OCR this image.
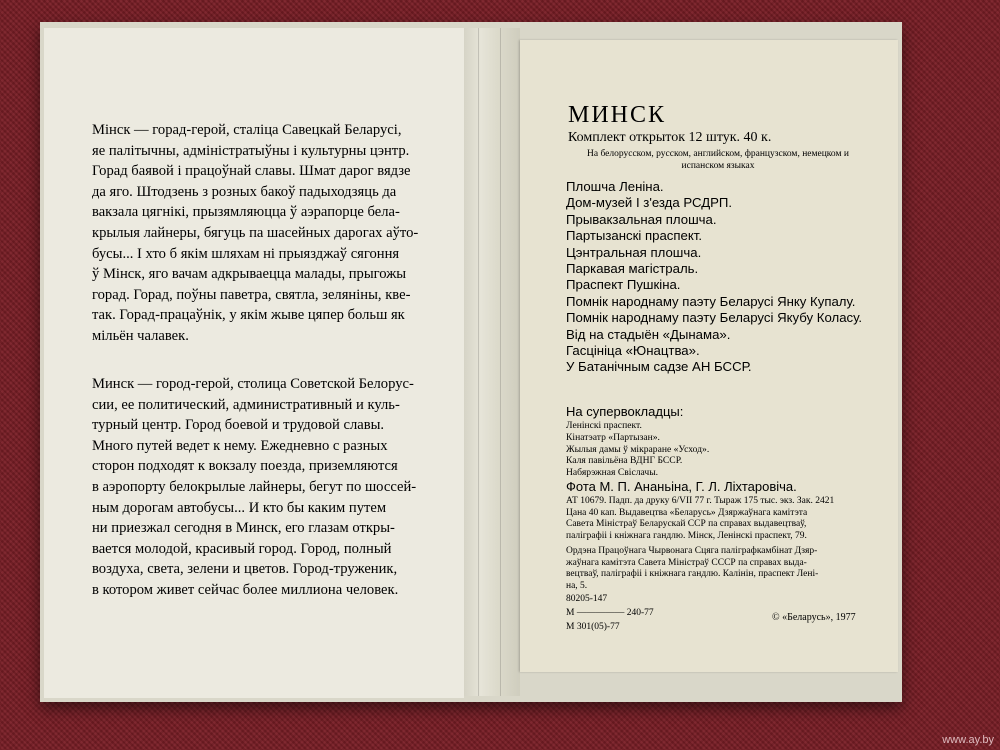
Мінск — горад-герой, сталіца Савецкай Беларусі,
яе палітычны, адміністратыўны і культурны цэнтр.
Горад баявой і працоўнай славы. Шмат дарог вядзе
да яго. Штодзень з розных бакоў падыходзяць да
вакзала цягнікі, прызямляюцца ў аэрапорце белa-
крылыя лайнеры, бягуць па шасейных дарогах аўто-
бусы... І хто б якім шляхам ні прыязджаў сягоння
ў Мінск, яго вачам адкрываецца малады, прыгожы
горад. Горад, поўны паветра, святла, зеляніны, кве-
так. Горад-працаўнік, у якім жыве цяпер больш як
мільён чалавек.
Минск — город-герой, столица Советской Белорус-
сии, ее политический, административный и куль-
турный центр. Город боевой и трудовой славы.
Много путей ведет к нему. Ежедневно с разных
сторон подходят к вокзалу поезда, приземляются
в аэропорту белокрылые лайнеры, бегут по шоссей-
ным дорогам автобусы... И кто бы каким путем
ни приезжал сегодня в Минск, его глазам откры-
вается молодой, красивый город. Город, полный
воздуха, света, зелени и цветов. Город-труженик,
в котором живет сейчас более миллиона человек.
МИНСК
Комплект открыток 12 штук. 40 к.
На белорусском, русском, английском, французском, немецком и испанском языках
Плошча Леніна.
Дом-музей І з'езда РСДРП.
Прывакзальная плошча.
Партызанскі праспект.
Цэнтральная плошча.
Паркавая магістраль.
Праспект Пушкіна.
Помнік народнаму паэту Беларусі Янку Купалу.
Помнік народнаму паэту Беларусі Якубу Коласу.
Від на стадыён «Дынама».
Гасцініца «Юнацтва».
У Батанічным садзе АН БССР.
На супервокладцы:
Ленінскі праспект.
Кінатэатр «Партызан».
Жылыя дамы ў мікраране «Усход».
Каля павільёна ВДНГ БССР.
Набярэжная Свіслачы.
Фота М. П. Ананьіна, Г. Л. Ліхтаровіча.
АТ 10679. Падп. да друку 6/VII 77 г. Тыраж 175 тыс. экз. Зак. 2421
Цана 40 кап. Выдавецтва «Беларусь» Дзяржаўнага камітэта
Савета Міністраў Беларускай ССР па справах выдавецтваў,
паліграфіі і кніжнага гандлю. Мінск, Ленінскі праспект, 79.
Ордэна Працоўнага Чырвонага Сцяга паліграфкамбінат Дзяр-
жаўнага камітэта Савета Міністраў СССР па справах выда-
вецтваў, паліграфіі і кніжнага гандлю. Калінін, праспект Лені-
на, 5.
80205-147
М ————— 240-77
М 301(05)-77
© «Беларусь», 1977
www.ay.by
